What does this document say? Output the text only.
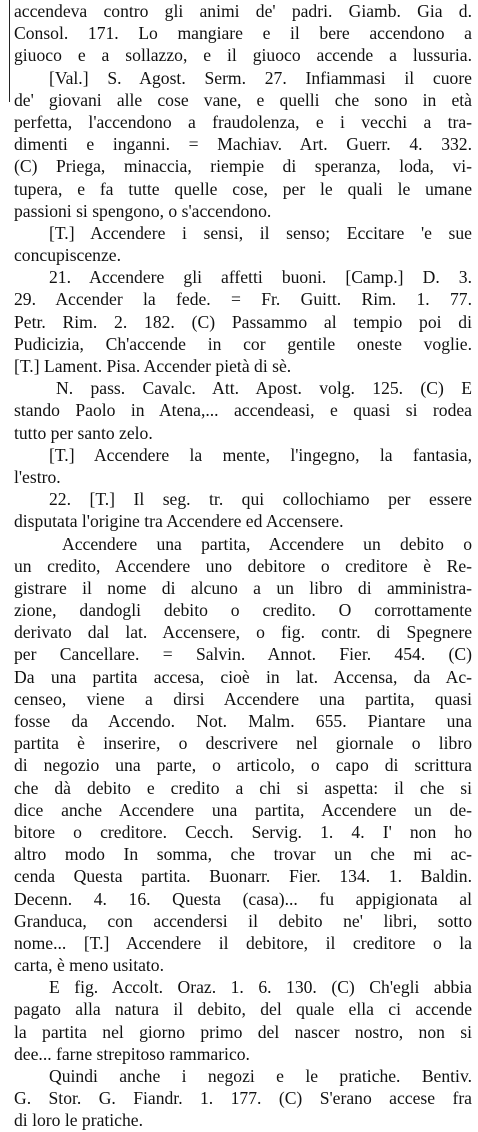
accendeva contro gli animi de' padri. Giamb. Gia d.
Consol. 171. Lo mangiare e il bere accendono a
giuoco e a sollazzo, e il giuoco accende a lussuria.
[Val.] S. Agost. Serm. 27. Infiammasi il cuore
de' giovani alle cose vane, e quelli che sono in età
perfetta, l'accendono a fraudolenza, e i vecchi a tra-
dimenti e inganni. = Machiav. Art. Guerr. 4. 332.
(C) Priega, minaccia, riempie di speranza, loda, vi-
tupera, e fa tutte quelle cose, per le quali le umane
passioni si spengono, o s'accendono.
[T.] Accendere i sensi, il senso; Eccitare 'e sue
concupiscenze.
21. Accendere gli affetti buoni. [Camp.] D. 3.
29. Accender la fede. = Fr. Guitt. Rim. 1. 77.
Petr. Rim. 2. 182. (C) Passammo al tempio poi di
Pudicizia, Ch'accende in cor gentile oneste voglie.
[T.] Lament. Pisa. Accender pietà di sè.
N. pass. Cavalc. Att. Apost. volg. 125. (C) E
stando Paolo in Atena,... accendeasi, e quasi si rodea
tutto per santo zelo.
[T.] Accendere la mente, l'ingegno, la fantasia,
l'estro.
22. [T.] Il seg. tr. qui collochiamo per essere
disputata l'origine tra Accendere ed Accensere.
Accendere una partita, Accendere un debito o
un credito, Accendere uno debitore o creditore è Re-
gistrare il nome di alcuno a un libro di amministra-
zione, dandogli debito o credito. O corrottamente
derivato dal lat. Accensere, o fig. contr. di Spegnere
per Cancellare. = Salvin. Annot. Fier. 454. (C)
Da una partita accesa, cioè in lat. Accensa, da Ac-
censeo, viene a dirsi Accendere una partita, quasi
fosse da Accendo. Not. Malm. 655. Piantare una
partita è inserire, o descrivere nel giornale o libro
di negozio una parte, o articolo, o capo di scrittura
che dà debito e credito a chi si aspetta: il che si
dice anche Accendere una partita, Accendere un de-
bitore o creditore. Cecch. Servig. 1. 4. I' non ho
altro modo In somma, che trovar un che mi ac-
cenda Questa partita. Buonarr. Fier. 134. 1. Baldin.
Decenn. 4. 16. Questa (casa)... fu appigionata al
Granduca, con accendersi il debito ne' libri, sotto
nome... [T.] Accendere il debitore, il creditore o la
carta, è meno usitato.
E fig. Accolt. Oraz. 1. 6. 130. (C) Ch'egli abbia
pagato alla natura il debito, del quale ella ci accende
la partita nel giorno primo del nascer nostro, non si
dee... farne strepitoso rammarico.
Quindi anche i negozi e le pratiche. Bentiv.
G. Stor. G. Fiandr. 1. 177. (C) S'erano accese fra
di loro le pratiche.
